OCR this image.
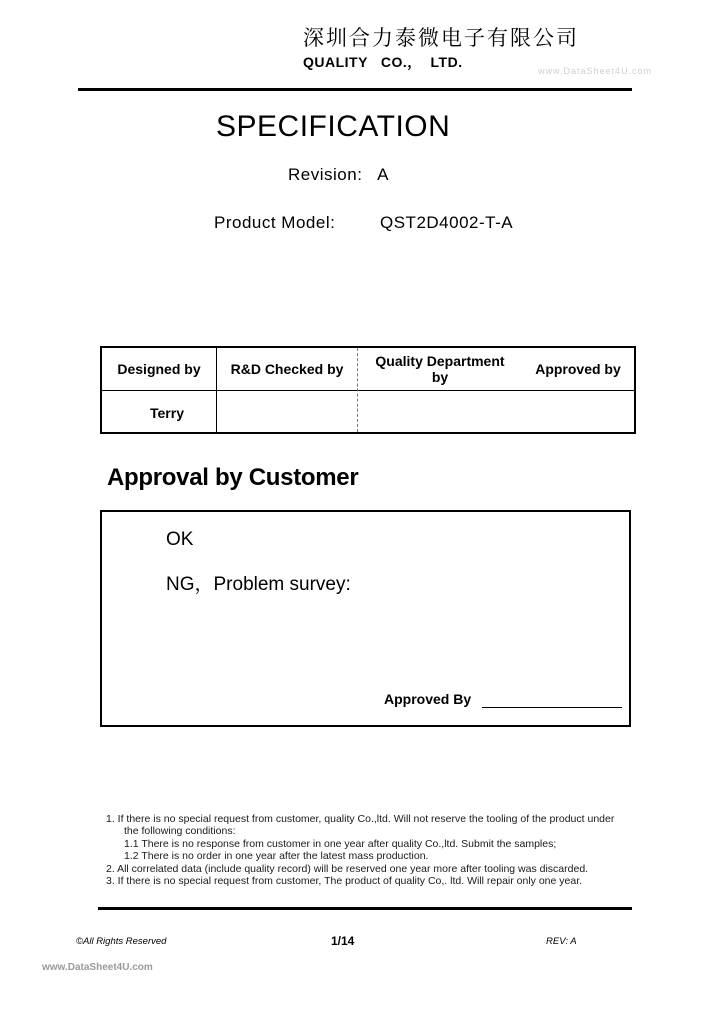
深圳合力泰微电子有限公司
QUALITY   CO.，  LTD.
www.DataSheet4U.com
SPECIFICATION
Revision:   A
Product Model:	QST2D4002-T-A
Designed by	R&D Checked by	Quality Department by	Approved by
Terry
Approval by Customer
OK
NG，Problem survey:
Approved By
1. If there is no special request from customer, quality Co.,ltd. Will not reserve the tooling of the product under
the following conditions:
1.1 There is no response from customer in one year after quality Co.,ltd. Submit the samples;
1.2 There is no order in one year after the latest mass production.
2. All correlated data (include quality record) will be reserved one year more after tooling was discarded.
3. If there is no special request from customer, The product of quality Co,. ltd. Will repair only one year.
©All Rights Reserved	1/14	REV: A
www.DataSheet4U.com
